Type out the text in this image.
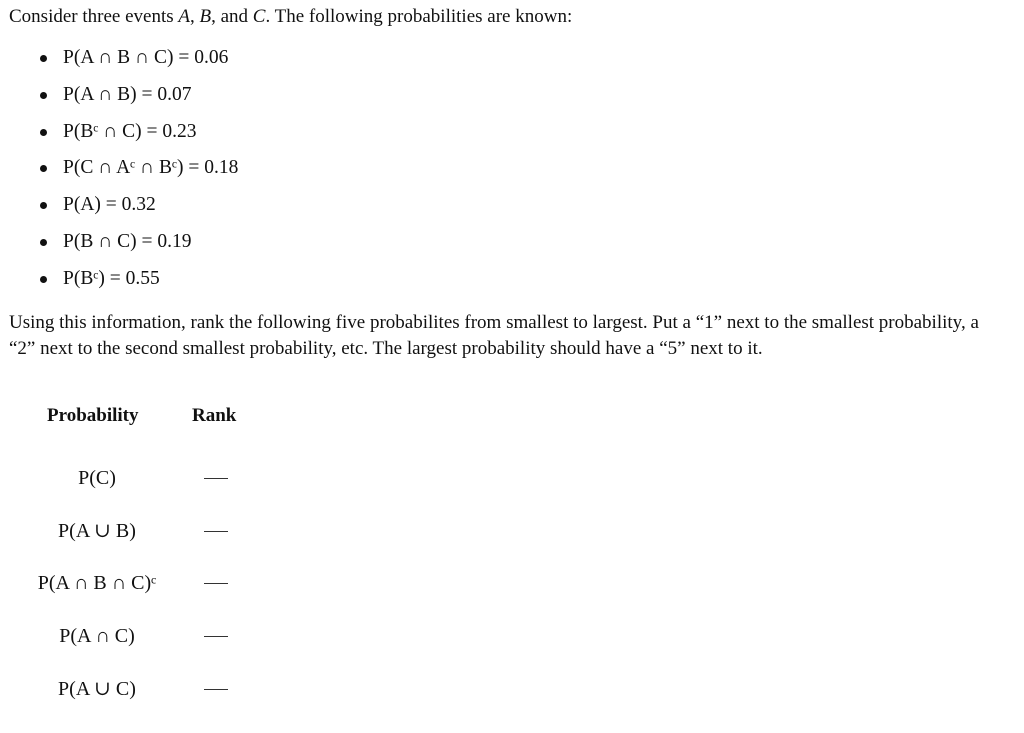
Consider three events A, B, and C. The following probabilities are known:
P(A ∩ B ∩ C) = 0.06
P(A ∩ B) = 0.07
P(Bᶜ ∩ C) = 0.23
P(C ∩ Aᶜ ∩ Bᶜ) = 0.18
P(A) = 0.32
P(B ∩ C) = 0.19
P(Bᶜ) = 0.55
Using this information, rank the following five probabilites from smallest to largest. Put a “1” next to the smallest probability, a “2” next to the second smallest probability, etc. The largest probability should have a “5” next to it.
Probability	Rank
P(C)
P(A ∪ B)
P(A ∩ B ∩ C)ᶜ
P(A ∩ C)
P(A ∪ C)
